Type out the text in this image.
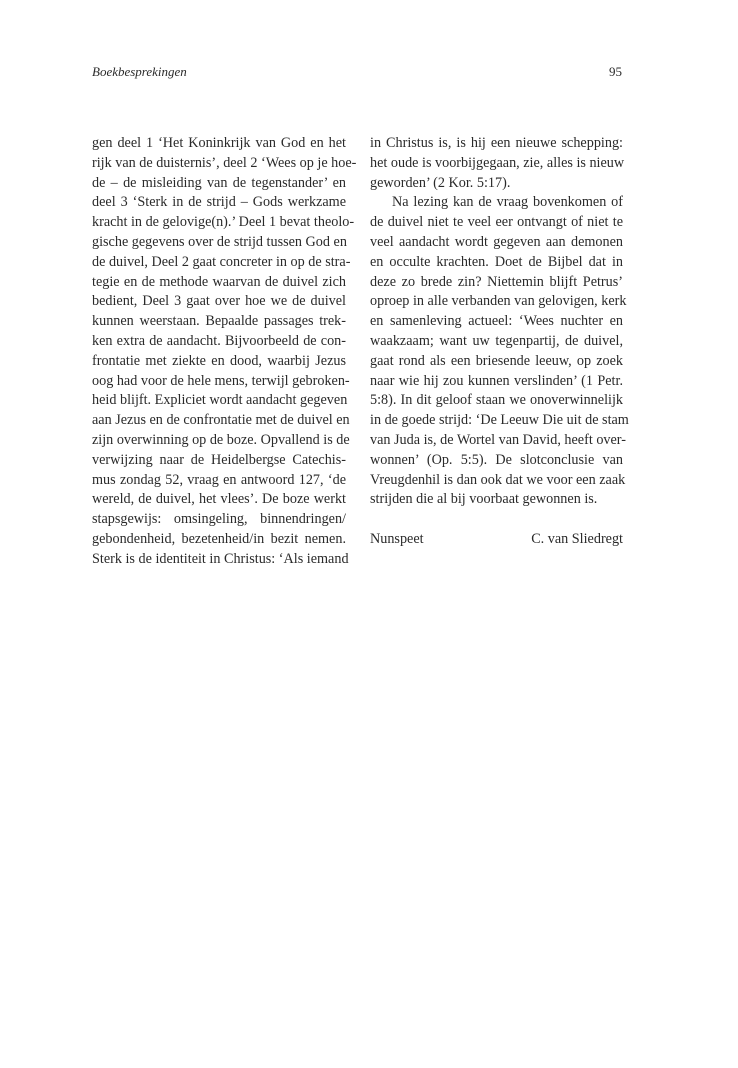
Boekbesprekingen	95
gen deel 1 ‘Het Koninkrijk van God en het
rijk van de duisternis’, deel 2 ‘Wees op je hoe-
de – de misleiding van de tegenstander’ en
deel 3 ‘Sterk in de strijd – Gods werkzame
kracht in de gelovige(n).’ Deel 1 bevat theolo-
gische gegevens over de strijd tussen God en
de duivel, Deel 2 gaat concreter in op de stra-
tegie en de methode waarvan de duivel zich
bedient, Deel 3 gaat over hoe we de duivel
kunnen weerstaan. Bepaalde passages trek-
ken extra de aandacht. Bijvoorbeeld de con-
frontatie met ziekte en dood, waarbij Jezus
oog had voor de hele mens, terwijl gebroken-
heid blijft. Expliciet wordt aandacht gegeven
aan Jezus en de confrontatie met de duivel en
zijn overwinning op de boze. Opvallend is de
verwijzing naar de Heidelbergse Catechis-
mus zondag 52, vraag en antwoord 127, ‘de
wereld, de duivel, het vlees’. De boze werkt
stapsgewijs: omsingeling, binnendringen/
gebondenheid, bezetenheid/in bezit nemen.
Sterk is de identiteit in Christus: ‘Als iemand
in Christus is, is hij een nieuwe schepping:
het oude is voorbijgegaan, zie, alles is nieuw
geworden’ (2 Kor. 5:17).
Na lezing kan de vraag bovenkomen of
de duivel niet te veel eer ontvangt of niet te
veel aandacht wordt gegeven aan demonen
en occulte krachten. Doet de Bijbel dat in
deze zo brede zin? Niettemin blijft Petrus’
oproep in alle verbanden van gelovigen, kerk
en samenleving actueel: ‘Wees nuchter en
waakzaam; want uw tegenpartij, de duivel,
gaat rond als een briesende leeuw, op zoek
naar wie hij zou kunnen verslinden’ (1 Petr.
5:8). In dit geloof staan we onoverwinnelijk
in de goede strijd: ‘De Leeuw Die uit de stam
van Juda is, de Wortel van David, heeft over-
wonnen’ (Op. 5:5). De slotconclusie van
Vreugdenhil is dan ook dat we voor een zaak
strijden die al bij voorbaat gewonnen is.
Nunspeet	C. van Sliedregt
